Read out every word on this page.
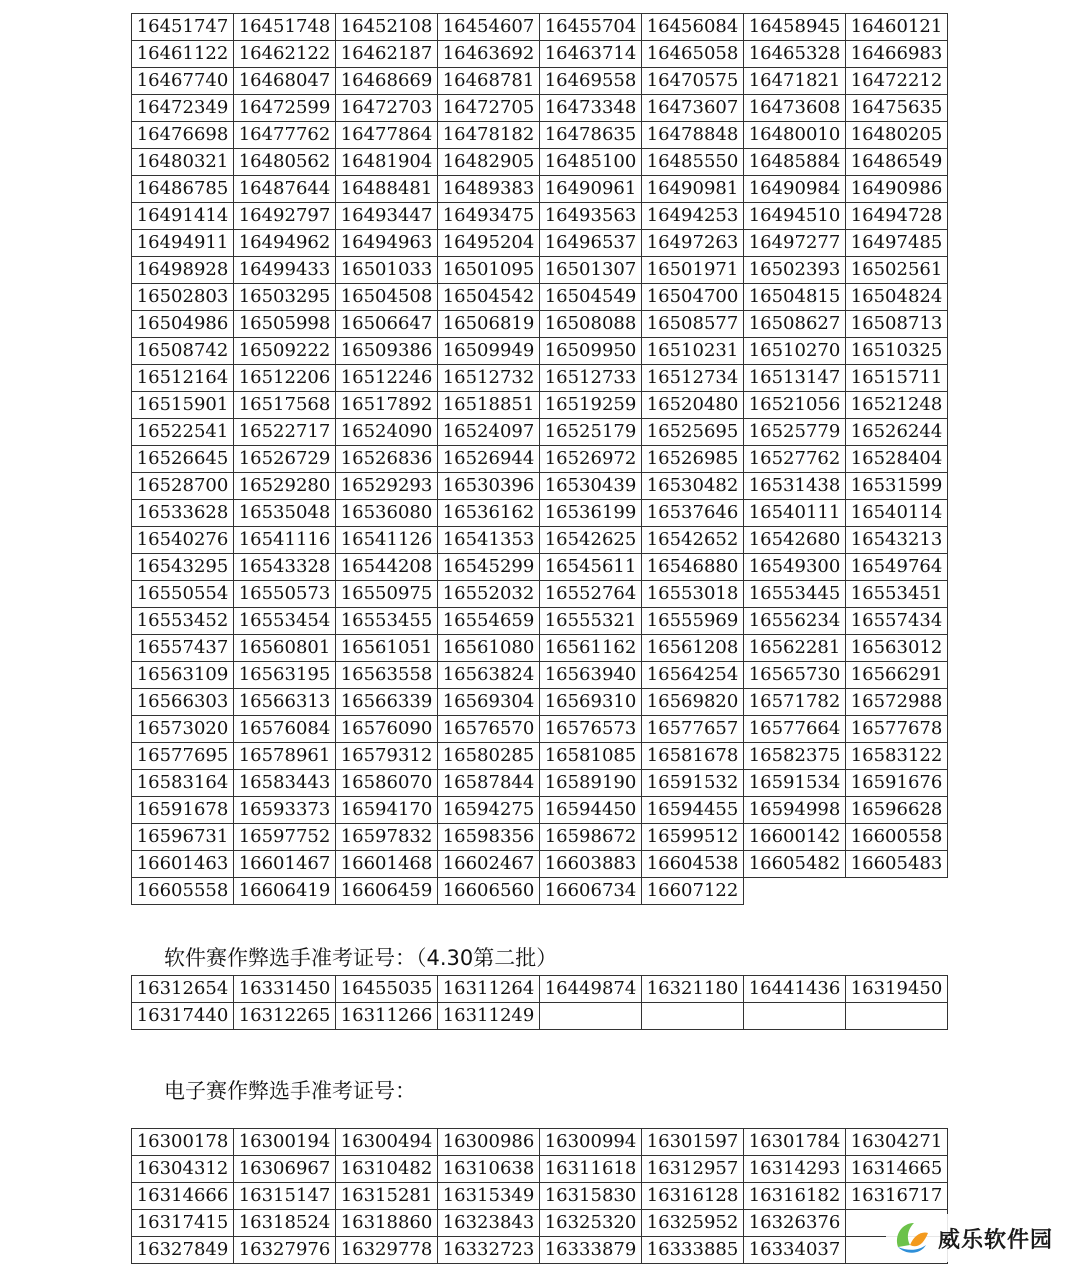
16451747	16451748	16452108	16454607	16455704	16456084	16458945	16460121
16461122	16462122	16462187	16463692	16463714	16465058	16465328	16466983
16467740	16468047	16468669	16468781	16469558	16470575	16471821	16472212
16472349	16472599	16472703	16472705	16473348	16473607	16473608	16475635
16476698	16477762	16477864	16478182	16478635	16478848	16480010	16480205
16480321	16480562	16481904	16482905	16485100	16485550	16485884	16486549
16486785	16487644	16488481	16489383	16490961	16490981	16490984	16490986
16491414	16492797	16493447	16493475	16493563	16494253	16494510	16494728
16494911	16494962	16494963	16495204	16496537	16497263	16497277	16497485
16498928	16499433	16501033	16501095	16501307	16501971	16502393	16502561
16502803	16503295	16504508	16504542	16504549	16504700	16504815	16504824
16504986	16505998	16506647	16506819	16508088	16508577	16508627	16508713
16508742	16509222	16509386	16509949	16509950	16510231	16510270	16510325
16512164	16512206	16512246	16512732	16512733	16512734	16513147	16515711
16515901	16517568	16517892	16518851	16519259	16520480	16521056	16521248
16522541	16522717	16524090	16524097	16525179	16525695	16525779	16526244
16526645	16526729	16526836	16526944	16526972	16526985	16527762	16528404
16528700	16529280	16529293	16530396	16530439	16530482	16531438	16531599
16533628	16535048	16536080	16536162	16536199	16537646	16540111	16540114
16540276	16541116	16541126	16541353	16542625	16542652	16542680	16543213
16543295	16543328	16544208	16545299	16545611	16546880	16549300	16549764
16550554	16550573	16550975	16552032	16552764	16553018	16553445	16553451
16553452	16553454	16553455	16554659	16555321	16555969	16556234	16557434
16557437	16560801	16561051	16561080	16561162	16561208	16562281	16563012
16563109	16563195	16563558	16563824	16563940	16564254	16565730	16566291
16566303	16566313	16566339	16569304	16569310	16569820	16571782	16572988
16573020	16576084	16576090	16576570	16576573	16577657	16577664	16577678
16577695	16578961	16579312	16580285	16581085	16581678	16582375	16583122
16583164	16583443	16586070	16587844	16589190	16591532	16591534	16591676
16591678	16593373	16594170	16594275	16594450	16594455	16594998	16596628
16596731	16597752	16597832	16598356	16598672	16599512	16600142	16600558
16601463	16601467	16601468	16602467	16603883	16604538	16605482	16605483
16605558	16606419	16606459	16606560	16606734	16607122		
软件赛作弊选手准考证号：（4.30第二批）
16312654	16331450	16455035	16311264	16449874	16321180	16441436	16319450
16317440	16312265	16311266	16311249				
电子赛作弊选手准考证号：
16300178	16300194	16300494	16300986	16300994	16301597	16301784	16304271
16304312	16306967	16310482	16310638	16311618	16312957	16314293	16314665
16314666	16315147	16315281	16315349	16315830	16316128	16316182	16316717
16317415	16318524	16318860	16323843	16325320	16325952	16326376	
16327849	16327976	16329778	16332723	16333879	16333885	16334037		威乐软件园
